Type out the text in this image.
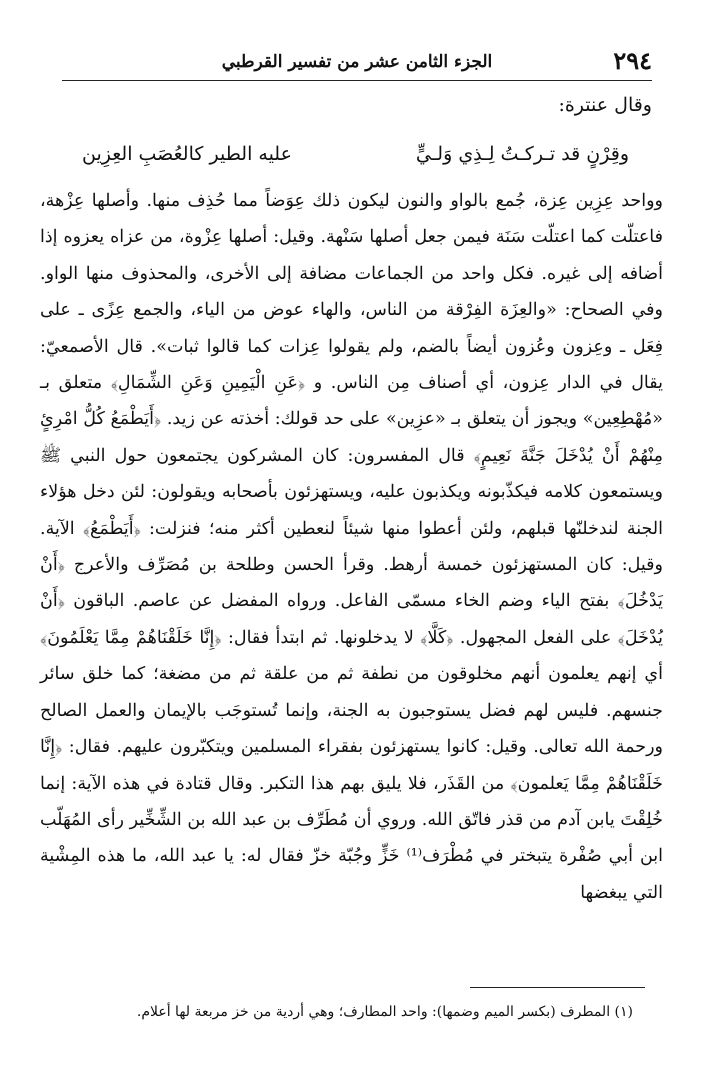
٢٩٤
الجزء الثامن عشر من تفسير القرطبي
وقال عنترة:
وقِرْنٍ قد تـركـتُ لِـذِي وَلـيٍّ
عليه الطير كالعُصَبِ العِزِين
وواحد عِزِين عِزة، جُمع بالواو والنون ليكون ذلك عِوَضاً مما حُذِف منها. وأصلها عِزْهة، فاعتلّت كما اعتلّت سَنَة فيمن جعل أصلها سَنْهة. وقيل: أصلها عِزْوة، من عزاه يعزوه إذا أضافه إلى غيره. فكل واحد من الجماعات مضافة إلى الأخرى، والمحذوف منها الواو. وفي الصحاح: «والعِزَة الفِرْقة من الناس، والهاء عوض من الياء، والجمع عِزًى ـ على فِعَل ـ وعِزون وعُزون أيضاً بالضم، ولم يقولوا عِزات كما قالوا ثبات». قال الأصمعيّ: يقال في الدار عِزون، أي أصناف مِن الناس. و ﴿عَنِ الْيَمِينِ وَعَنِ الشِّمَالِ﴾ متعلق بـ «مُهْطِعِين» ويجوز أن يتعلق بـ «عزِين» على حد قولك: أخذته عن زيد. ﴿أَيَطْمَعُ كُلُّ امْرِئٍ مِنْهُمْ أَنْ يُدْخَلَ جَنَّةَ نَعِيمٍ﴾ قال المفسرون: كان المشركون يجتمعون حول النبي ﷺ ويستمعون كلامه فيكذّبونه ويكذبون عليه، ويستهزئون بأصحابه ويقولون: لئن دخل هؤلاء الجنة لندخلنّها قبلهم، ولئن أعطوا منها شيئاً لنعطين أكثر منه؛ فنزلت: ﴿أَيَطْمَعُ﴾ الآية. وقيل: كان المستهزئون خمسة أرهط. وقرأ الحسن وطلحة بن مُصَرِّف والأعرج ﴿أَنْ يَدْخُلَ﴾ بفتح الياء وضم الخاء مسمّى الفاعل. ورواه المفضل عن عاصم. الباقون ﴿أَنْ يُدْخَلَ﴾ على الفعل المجهول. ﴿كَلَّا﴾ لا يدخلونها. ثم ابتدأ فقال: ﴿إِنَّا خَلَقْنَاهُمْ مِمَّا يَعْلَمُونَ﴾ أي إنهم يعلمون أنهم مخلوقون من نطفة ثم من علقة ثم من مضغة؛ كما خلق سائر جنسهم. فليس لهم فضل يستوجبون به الجنة، وإنما تُستوجَب بالإيمان والعمل الصالح ورحمة الله تعالى. وقيل: كانوا يستهزئون بفقراء المسلمين ويتكبّرون عليهم. فقال: ﴿إِنَّا خَلَقْنَاهُمْ مِمَّا يَعلمون﴾ من القَذَر، فلا يليق بهم هذا التكبر. وقال قتادة في هذه الآية: إنما خُلِقْتَ يابن آدم من قذر فاتّق الله. وروي أن مُطَرِّف بن عبد الله بن الشِّخِّير رأى المُهَلّب ابن أبي صُفْرة يتبختر في مُطْرَف⁽¹⁾ خَزٍّ وجُبّة خزّ فقال له: يا عبد الله، ما هذه المِشْية التي يبغضها
(١) المطرف (بكسر الميم وضمها): واحد المطارف؛ وهي أردية من خز مربعة لها أعلام.
